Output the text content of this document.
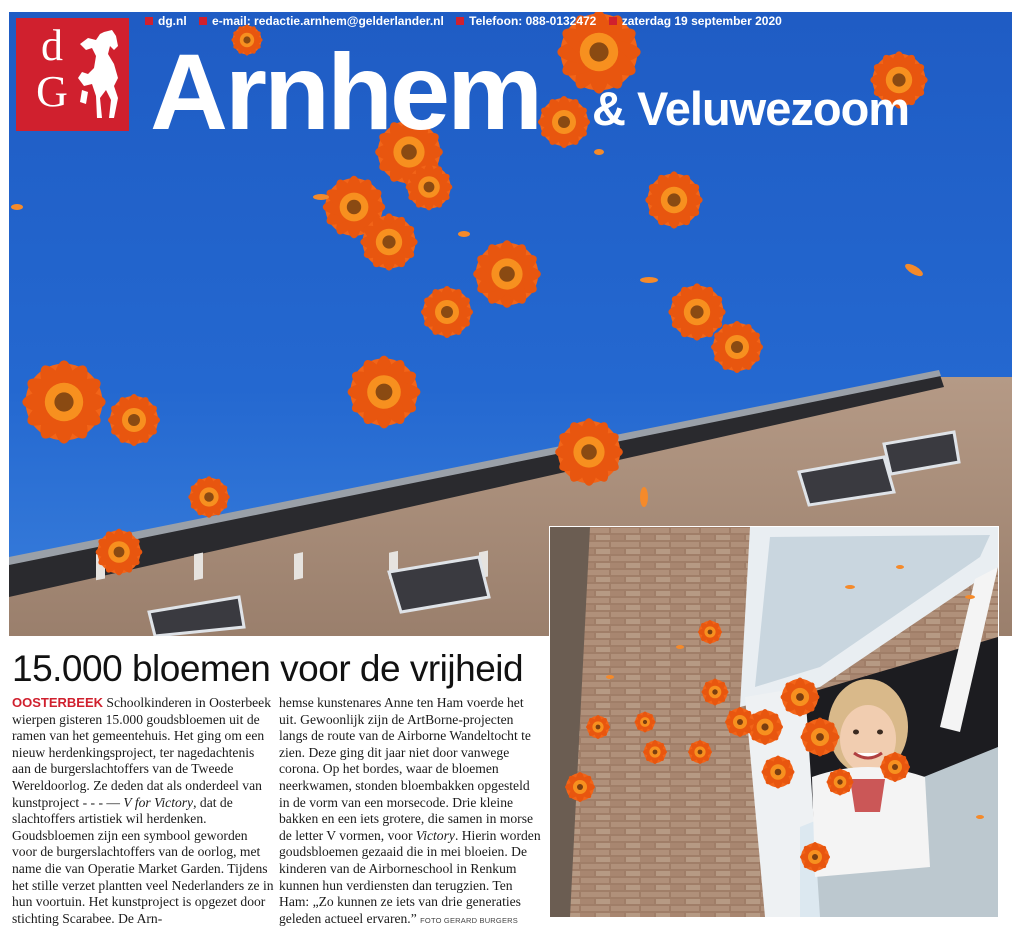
dg.nl e-mail: redactie.arnhem@gelderlander.nl Telefoon: 088-0132472 zaterdag 19 september 2020
d
G Arnhem & Veluwezoom
15.000 bloemen voor de vrijheid
OOSTERBEEK Schoolkinderen in Oosterbeek wierpen gisteren 15.000 goudsbloemen uit de ramen van het gemeentehuis. Het ging om een nieuw herdenkingsproject, ter nagedachtenis aan de burgerslachtoffers van de Tweede Wereldoorlog. Ze deden dat als onderdeel van kunstproject - - - — V for Victory, dat de slachtoffers artistiek wil herdenken. Goudsbloemen zijn een symbool geworden voor de burgerslachtoffers van de oorlog, met name die van Operatie Market Garden. Tijdens het stille verzet plantten veel Nederlanders ze in hun voortuin. Het kunstproject is opgezet door stichting Scarabee. De Arn-
hemse kunstenares Anne ten Ham voerde het uit. Gewoonlijk zijn de ArtBorne-projecten langs de route van de Airborne Wandeltocht te zien. Deze ging dit jaar niet door vanwege corona. Op het bordes, waar de bloemen neerkwamen, stonden bloembakken opgesteld in de vorm van een morsecode. Drie kleine bakken en een iets grotere, die samen in morse de letter V vormen, voor Victory. Hierin worden goudsbloemen gezaaid die in mei bloeien. De kinderen van de Airborneschool in Renkum kunnen hun verdiensten dan terugzien. Ten Ham: „Zo kunnen ze iets van drie generaties geleden actueel ervaren.” FOTO GERARD BURGERS
